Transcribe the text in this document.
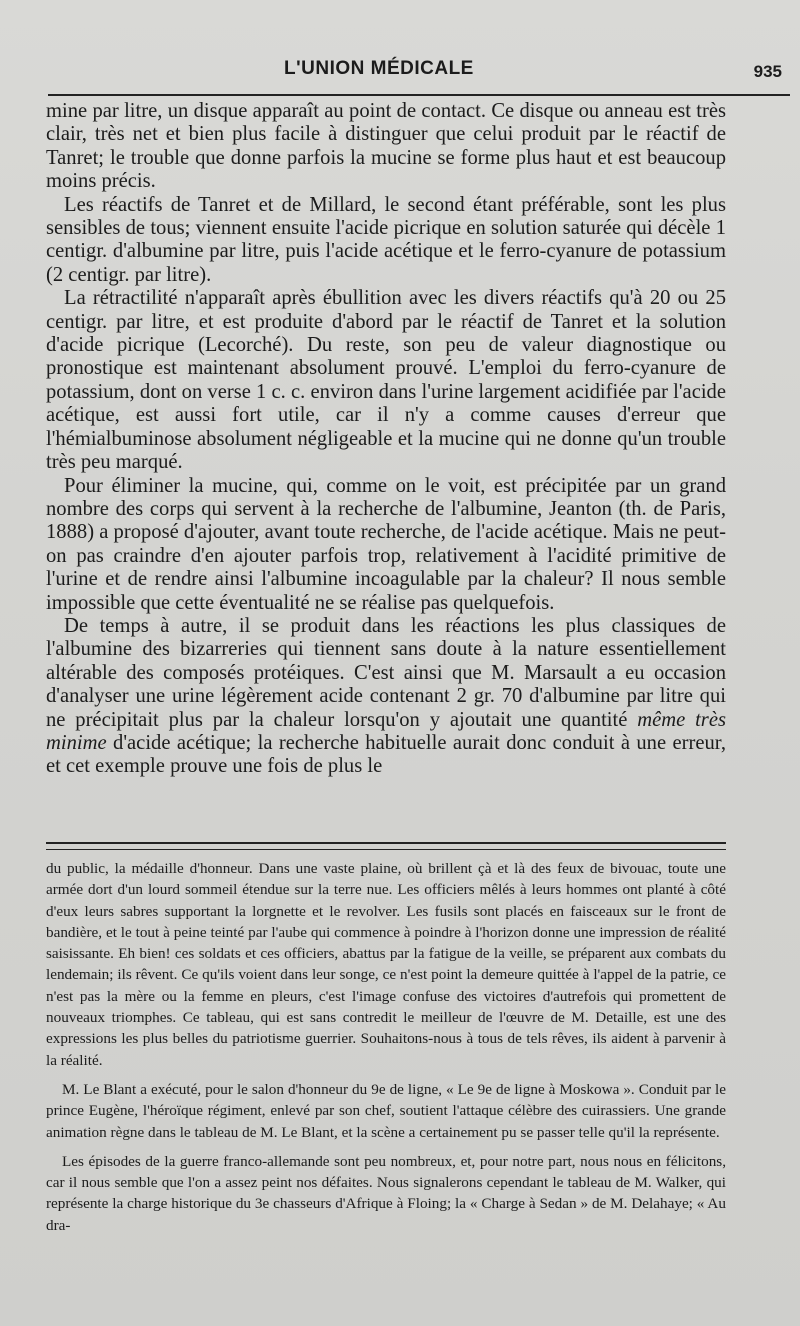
L'UNION MÉDICALE	935

mine par litre, un disque apparaît au point de contact. Ce disque ou anneau est très clair, très net et bien plus facile à distinguer que celui produit par le réactif de Tanret; le trouble que donne parfois la mucine se forme plus haut et est beaucoup moins précis.

Les réactifs de Tanret et de Millard, le second étant préférable, sont les plus sensibles de tous; viennent ensuite l'acide picrique en solution saturée qui décèle 1 centigr. d'albumine par litre, puis l'acide acétique et le ferro-cyanure de potassium (2 centigr. par litre).

La rétractilité n'apparaît après ébullition avec les divers réactifs qu'à 20 ou 25 centigr. par litre, et est produite d'abord par le réactif de Tanret et la solution d'acide picrique (Lecorché). Du reste, son peu de valeur diagnostique ou pronostique est maintenant absolument prouvé. L'emploi du ferro-cyanure de potassium, dont on verse 1 c. c. environ dans l'urine largement acidifiée par l'acide acétique, est aussi fort utile, car il n'y a comme causes d'erreur que l'hémialbuminose absolument négligeable et la mucine qui ne donne qu'un trouble très peu marqué.

Pour éliminer la mucine, qui, comme on le voit, est précipitée par un grand nombre des corps qui servent à la recherche de l'albumine, Jeanton (th. de Paris, 1888) a proposé d'ajouter, avant toute recherche, de l'acide acétique. Mais ne peut-on pas craindre d'en ajouter parfois trop, relativement à l'acidité primitive de l'urine et de rendre ainsi l'albumine incoagulable par la chaleur? Il nous semble impossible que cette éventualité ne se réalise pas quelquefois.

De temps à autre, il se produit dans les réactions les plus classiques de l'albumine des bizarreries qui tiennent sans doute à la nature essentiellement altérable des composés protéiques. C'est ainsi que M. Marsault a eu occasion d'analyser une urine légèrement acide contenant 2 gr. 70 d'albumine par litre qui ne précipitait plus par la chaleur lorsqu'on y ajoutait une quantité même très minime d'acide acétique; la recherche habituelle aurait donc conduit à une erreur, et cet exemple prouve une fois de plus le

du public, la médaille d'honneur. Dans une vaste plaine, où brillent çà et là des feux de bivouac, toute une armée dort d'un lourd sommeil étendue sur la terre nue. Les officiers mêlés à leurs hommes ont planté à côté d'eux leurs sabres supportant la lorgnette et le revolver. Les fusils sont placés en faisceaux sur le front de bandière, et le tout à peine teinté par l'aube qui commence à poindre à l'horizon donne une impression de réalité saisissante. Eh bien! ces soldats et ces officiers, abattus par la fatigue de la veille, se préparent aux combats du lendemain; ils rêvent. Ce qu'ils voient dans leur songe, ce n'est point la demeure quittée à l'appel de la patrie, ce n'est pas la mère ou la femme en pleurs, c'est l'image confuse des victoires d'autrefois qui promettent de nouveaux triomphes. Ce tableau, qui est sans contredit le meilleur de l'œuvre de M. Detaille, est une des expressions les plus belles du patriotisme guerrier. Souhaitons-nous à tous de tels rêves, ils aident à parvenir à la réalité.

M. Le Blant a exécuté, pour le salon d'honneur du 9e de ligne, « Le 9e de ligne à Moskowa ». Conduit par le prince Eugène, l'héroïque régiment, enlevé par son chef, soutient l'attaque célèbre des cuirassiers. Une grande animation règne dans le tableau de M. Le Blant, et la scène a certainement pu se passer telle qu'il la représente.

Les épisodes de la guerre franco-allemande sont peu nombreux, et, pour notre part, nous nous en félicitons, car il nous semble que l'on a assez peint nos défaites. Nous signalerons cependant le tableau de M. Walker, qui représente la charge historique du 3e chasseurs d'Afrique à Floing; la « Charge à Sedan » de M. Delahaye; « Au dra-
